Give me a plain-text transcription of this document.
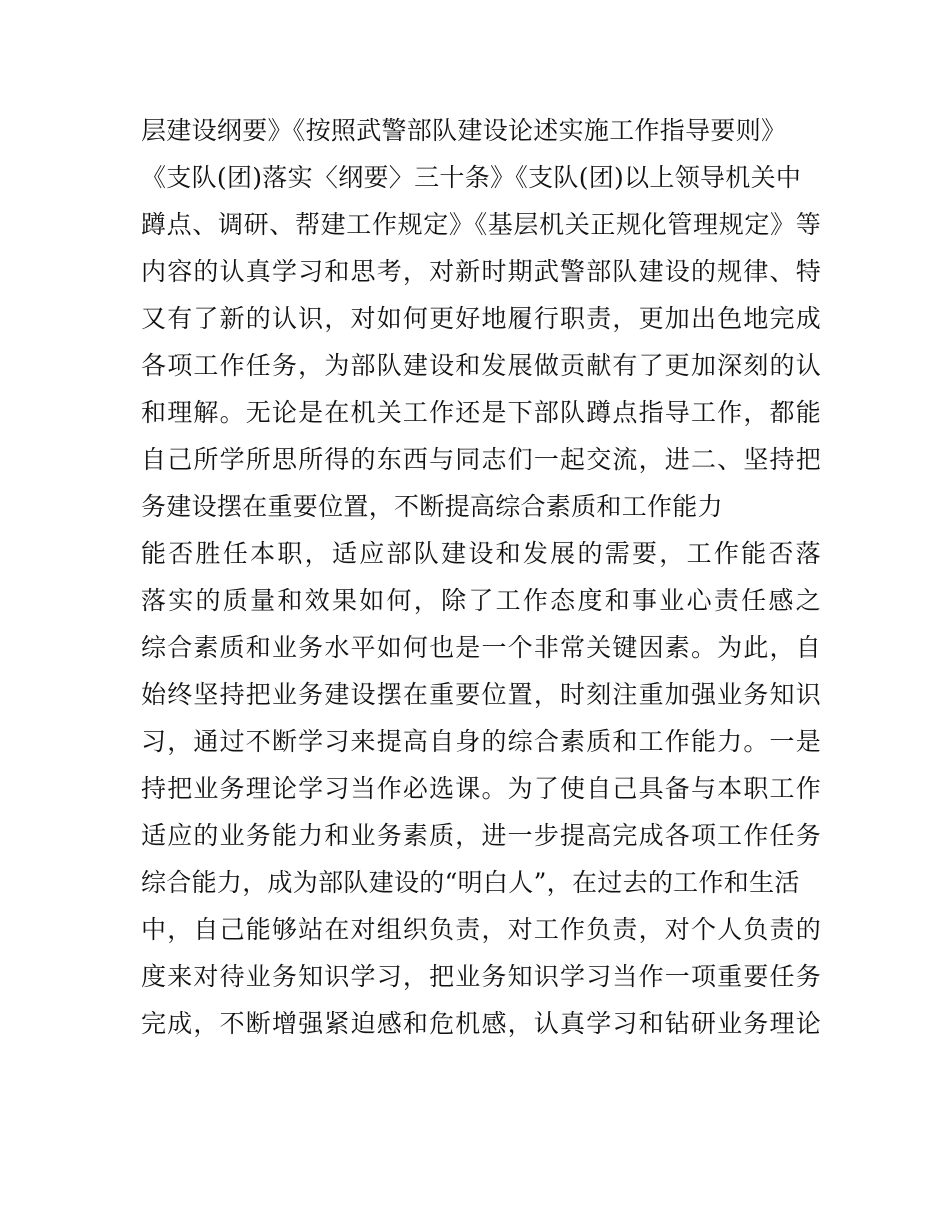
层建设纲要》《按照武警部队建设论述实施工作指导要则》
《支队(团)落实〈纲要〉三十条》《支队(团)以上领导机关中
蹲点、调研、帮建工作规定》《基层机关正规化管理规定》等
内容的认真学习和思考，对新时期武警部队建设的规律、特
又有了新的认识，对如何更好地履行职责，更加出色地完成
各项工作任务，为部队建设和发展做贡献有了更加深刻的认
和理解。无论是在机关工作还是下部队蹲点指导工作，都能
自己所学所思所得的东西与同志们一起交流，进二、坚持把
务建设摆在重要位置，不断提高综合素质和工作能力
能否胜任本职，适应部队建设和发展的需要，工作能否落
落实的质量和效果如何，除了工作态度和事业心责任感之
综合素质和业务水平如何也是一个非常关键因素。为此，自
始终坚持把业务建设摆在重要位置，时刻注重加强业务知识
习，通过不断学习来提高自身的综合素质和工作能力。一是
持把业务理论学习当作必选课。为了使自己具备与本职工作
适应的业务能力和业务素质，进一步提高完成各项工作任务
综合能力，成为部队建设的“明白人”，在过去的工作和生活
中，自己能够站在对组织负责，对工作负责，对个人负责的
度来对待业务知识学习，把业务知识学习当作一项重要任务
完成，不断增强紧迫感和危机感，认真学习和钻研业务理论
